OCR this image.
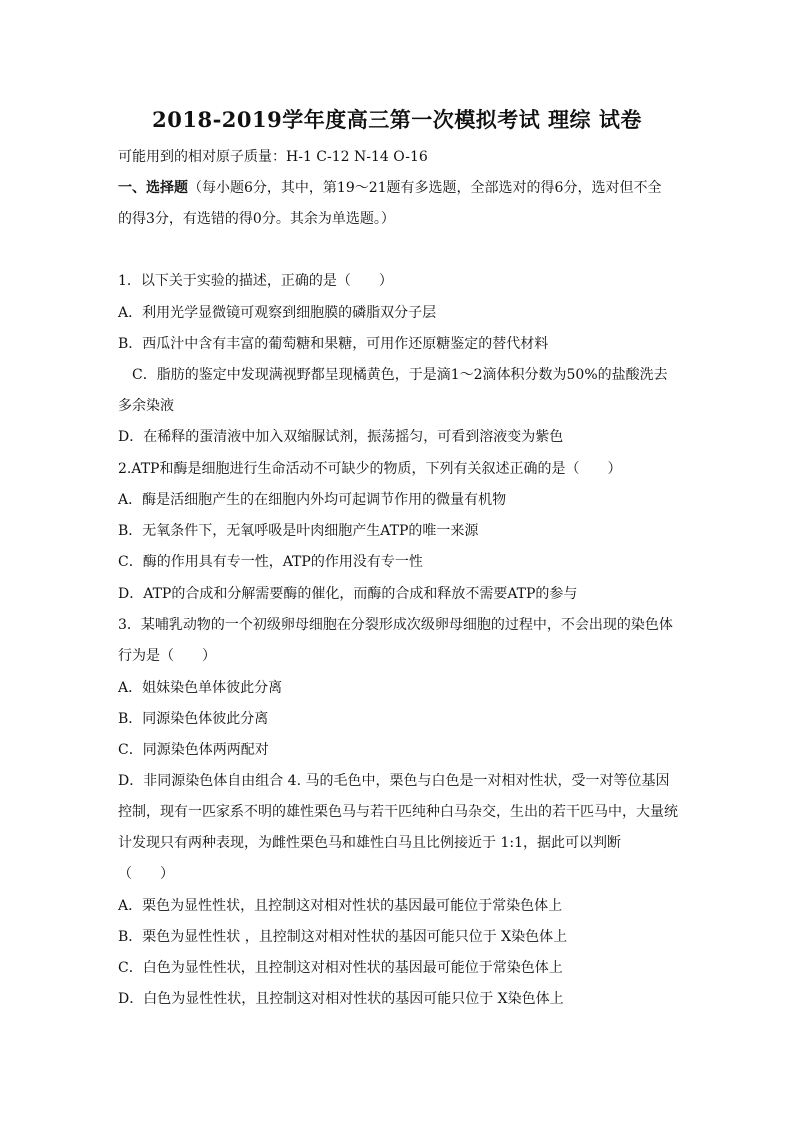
2018-2019学年度高三第一次模拟考试 理综 试卷
可能用到的相对原子质量：H-1 C-12 N-14 O-16
一、选择题（每小题6分，其中，第19～21题有多选题，全部选对的得6分，选对但不全
的得3分，有选错的得0分。其余为单选题。）
1．以下关于实验的描述，正确的是（　　）
A．利用光学显微镜可观察到细胞膜的磷脂双分子层
B．西瓜汁中含有丰富的葡萄糖和果糖，可用作还原糖鉴定的替代材料
C．脂肪的鉴定中发现满视野都呈现橘黄色，于是滴1～2滴体积分数为50%的盐酸洗去
多余染液
D．在稀释的蛋清液中加入双缩脲试剂，振荡摇匀，可看到溶液变为紫色
2.ATP和酶是细胞进行生命活动不可缺少的物质，下列有关叙述正确的是（　　）
A．酶是活细胞产生的在细胞内外均可起调节作用的微量有机物
B．无氧条件下，无氧呼吸是叶肉细胞产生ATP的唯一来源
C．酶的作用具有专一性，ATP的作用没有专一性
D．ATP的合成和分解需要酶的催化，而酶的合成和释放不需要ATP的参与
3．某哺乳动物的一个初级卵母细胞在分裂形成次级卵母细胞的过程中，不会出现的染色体
行为是（　　）
A．姐妹染色单体彼此分离
B．同源染色体彼此分离
C．同源染色体两两配对
D．非同源染色体自由组合 4. 马的毛色中，栗色与白色是一对相对性状，受一对等位基因
控制，现有一匹家系不明的雄性栗色马与若干匹纯种白马杂交，生出的若干匹马中，大量统
计发现只有两种表现，为雌性栗色马和雄性白马且比例接近于 1:1，据此可以判断
（　　）
A．栗色为显性性状，且控制这对相对性状的基因最可能位于常染色体上
B．栗色为显性性状 ，且控制这对相对性状的基因可能只位于 X染色体上
C．白色为显性性状，且控制这对相对性状的基因最可能位于常染色体上
D．白色为显性性状，且控制这对相对性状的基因可能只位于 X染色体上
